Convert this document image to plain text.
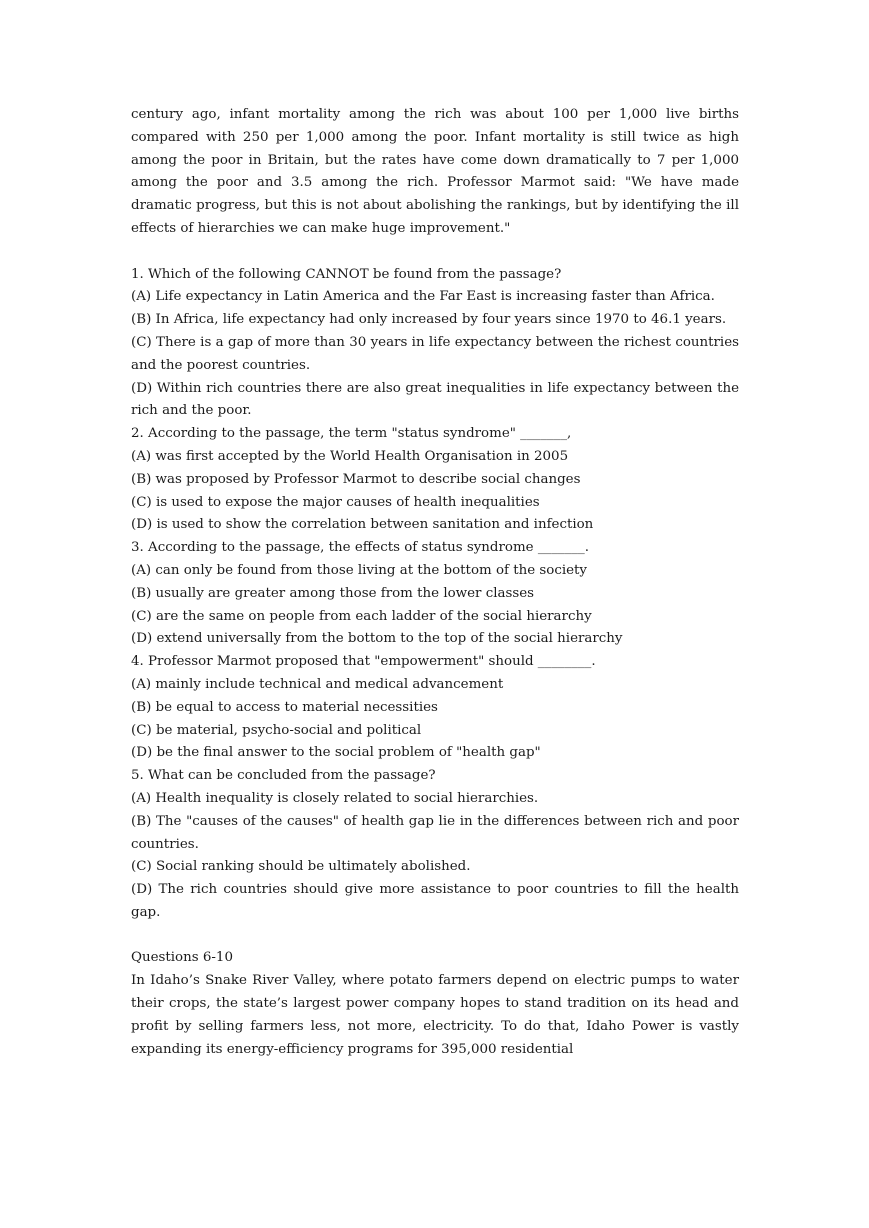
century ago, infant mortality among the rich was about 100 per 1,000 live births compared with 250 per 1,000 among the poor. Infant mortality is still twice as high among the poor in Britain, but the rates have come down dramatically to 7 per 1,000 among the poor and 3.5 among the rich. Professor Marmot said: "We have made dramatic progress, but this is not about abolishing the rankings, but by identifying the ill effects of hierarchies we can make huge improvement."

1. Which of the following CANNOT be found from the passage?

(A) Life expectancy in Latin America and the Far East is increasing faster than Africa.

(B) In Africa, life expectancy had only increased by four years since 1970 to 46.1 years.

(C) There is a gap of more than 30 years in life expectancy between the richest countries and the poorest countries.

(D) Within rich countries there are also great inequalities in life expectancy between the rich and the poor.

2. According to the passage, the term "status syndrome" _______,

(A) was first accepted by the World Health Organisation in 2005

(B) was proposed by Professor Marmot to describe social changes

(C) is used to expose the major causes of health inequalities

(D) is used to show the correlation between sanitation and infection

3. According to the passage, the effects of status syndrome _______.

(A) can only be found from those living at the bottom of the society

(B) usually are greater among those from the lower classes

(C) are the same on people from each ladder of the social hierarchy

(D) extend universally from the bottom to the top of the social hierarchy

4. Professor Marmot proposed that "empowerment" should ________.

(A) mainly include technical and medical advancement

(B) be equal to access to material necessities

(C) be material, psycho-social and political

(D) be the final answer to the social problem of "health gap"

5. What can be concluded from the passage?

(A) Health inequality is closely related to social hierarchies.

(B) The "causes of the causes" of health gap lie in the differences between rich and poor countries.

(C) Social ranking should be ultimately abolished.

(D) The rich countries should give more assistance to poor countries to fill the health gap.

Questions 6-10

In Idaho’s Snake River Valley, where potato farmers depend on electric pumps to water their crops, the state’s largest power company hopes to stand tradition on its head and profit by selling farmers less, not more, electricity. To do that, Idaho Power is vastly expanding its energy-efficiency programs for 395,000 residential
